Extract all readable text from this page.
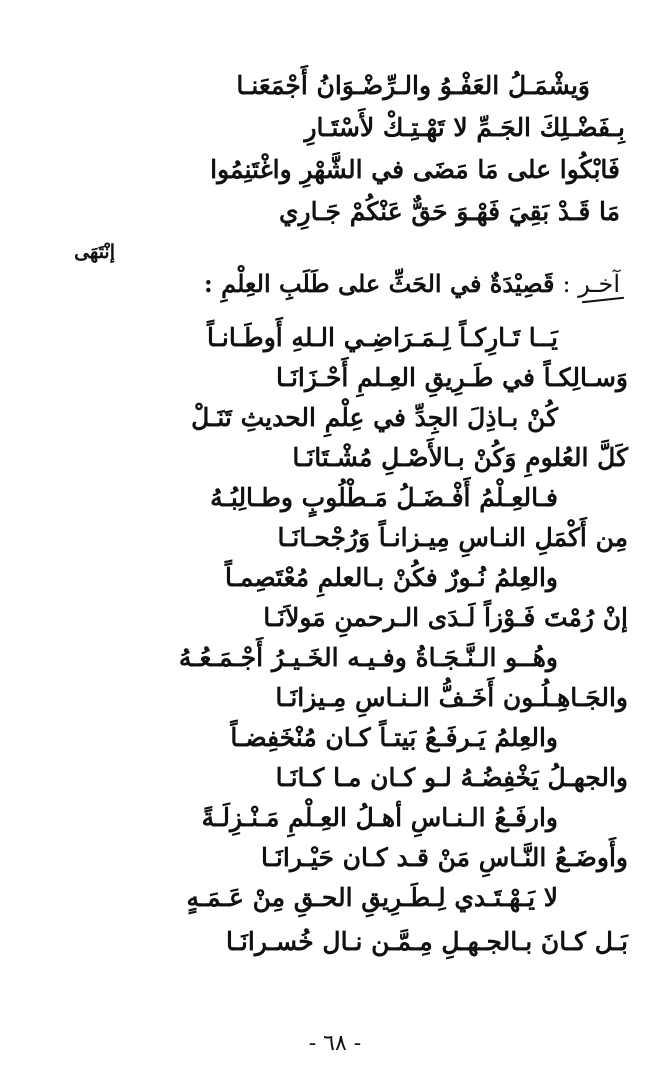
وَيشْمَـلُ العَفْـوُ والـرِّضْـوَانُ أَجْمَعَنـا
بِـفَضْـلِكَ الجَـمِّ لا تَهْـتِـكْ لأَسْتَـارِ
فَابْكُوا على مَا مَضَى في الشَّهْرِ واغْتَنِمُوا
مَا قَـدْ بَقِيَ فَهْـوَ حَقٌّ عَنْكُمْ جَـارِي
إنْتَهَى
آخـر :
قَصِيْدَةٌ في الحَثِّ على طَلَبِ العِلْمِ :
يَــا تَـارِكـاً لِـمَـرَاضِـي الـلهِ أَوطَـانـاً
وَسـالِكـاً في طَـرِيقِ العِـلمِ أَحْـزَانَـا
كُنْ بـاذِلَ الجِدِّ في عِلْمِ الحديثِ تَنَـلْ
كَلَّ العُلومِ وَكُنْ بـالأَصْـلِ مُشْـتَانَـا
فـالعِـلْمُ أَفْـضَـلُ مَـطْلُوبٍ وطـالِبُـهُ
مِن أَكْمَلِ النـاسِ مِيـزانـاً وَرُجْحـانَـا
والعِلمُ نُـورٌ فكُنْ بـالعلمِ مُعْتَصِمـاً
إنْ رُمْتَ فَـوْزاً لَـدَى الـرحمنِ مَولاَنَـا
وهُــو الـنَّـجَـاةُ وفـيـه الخَـيـرُ أَجْـمَـعُـهُ
والجَـاهِـلُـون أَخَـفُّ الـنـاسِ مِـيزانَـا
والعِلمُ يَـرفَـعُ بَيتـاً كـان مُنْخَفِضـاً
والجهـلُ يَخْفِضُـهُ لـو كـان مـا كـانَـا
وارفَـعُ الـنـاسِ أهـلُ العِـلْمِ مَـنْـزِلَـةً
وأَوضَـعُ النَّـاسِ مَنْ قـد كـان حَيْـرانَـا
لا يَـهْـتَـدي لِـطَـرِيقِ الحـقِ مِنْ عَـمَـهٍ
بَـل كـانَ بـالجـهـلِ مِـمَّـن نـال خُسـرانَـا
- ٦٨ -
